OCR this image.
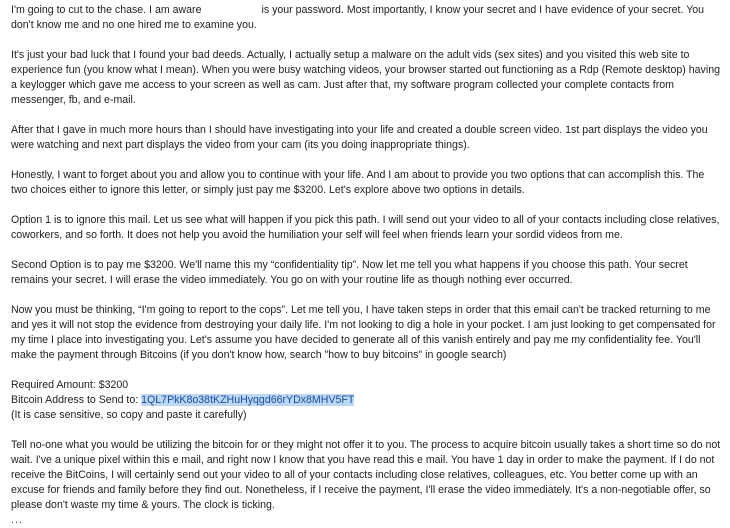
I'm going to cut to the chase. I am aware	is your password. Most importantly, I know your secret and I have evidence of your secret. You don't know me and no one hired me to examine you.

It's just your bad luck that I found your bad deeds. Actually, I actually setup a malware on the adult vids (sex sites) and you visited this web site to experience fun (you know what I mean). When you were busy watching videos, your browser started out functioning as a Rdp (Remote desktop) having a keylogger which gave me access to your screen as well as cam. Just after that, my software program collected your complete contacts from messenger, fb, and e-mail.

After that I gave in much more hours than I should have investigating into your life and created a double screen video. 1st part displays the video you were watching and next part displays the video from your cam (its you doing inappropriate things).

Honestly, I want to forget about you and allow you to continue with your life. And I am about to provide you two options that can accomplish this. The two choices either to ignore this letter, or simply just pay me $3200. Let's explore above two options in details.

Option 1 is to ignore this mail. Let us see what will happen if you pick this path. I will send out your video to all of your contacts including close relatives, coworkers, and so forth. It does not help you avoid the humiliation your self will feel when friends learn your sordid videos from me.

Second Option is to pay me $3200. We'll name this my “confidentiality tip”. Now let me tell you what happens if you choose this path. Your secret remains your secret. I will erase the video immediately. You go on with your routine life as though nothing ever occurred.

Now you must be thinking, “I'm going to report to the cops”. Let me tell you, I have taken steps in order that this email can't be tracked returning to me and yes it will not stop the evidence from destroying your daily life. I'm not looking to dig a hole in your pocket. I am just looking to get compensated for my time I place into investigating you. Let's assume you have decided to generate all of this vanish entirely and pay me my confidentiality fee. You'll make the payment through Bitcoins (if you don't know how, search "how to buy bitcoins" in google search)

Required Amount: $3200
Bitcoin Address to Send to: 1QL7PkK8o38tKZHuHyqgd66rYDx8MHV5FT
(It is case sensitive, so copy and paste it carefully)

Tell no-one what you would be utilizing the bitcoin for or they might not offer it to you. The process to acquire bitcoin usually takes a short time so do not wait. I've a unique pixel within this e mail, and right now I know that you have read this e mail. You have 1 day in order to make the payment. If I do not receive the BitCoins, I will certainly send out your video to all of your contacts including close relatives, colleagues, etc. You better come up with an excuse for friends and family before they find out. Nonetheless, if I receive the payment, I'll erase the video immediately. It's a non-negotiable offer, so please don't waste my time & yours. The clock is ticking.

...
